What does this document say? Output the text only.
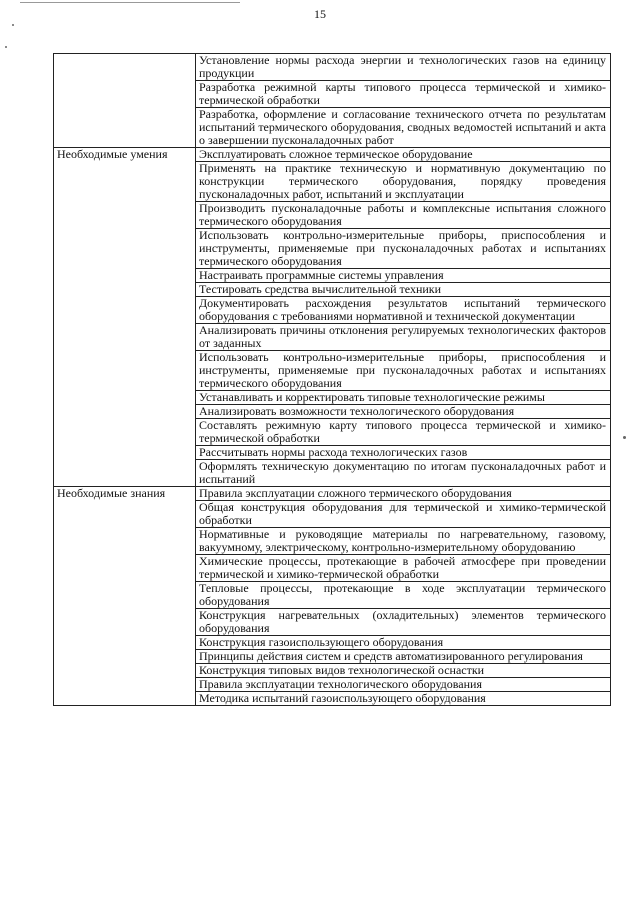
15
	Установление нормы расхода энергии и технологических газов на единицу продукции
	Разработка режимной карты типового процесса термической и химико-термической обработки
	Разработка, оформление и согласование технического отчета по результатам испытаний термического оборудования, сводных ведомостей испытаний и акта о завершении пусконаладочных работ
Необходимые умения	Эксплуатировать сложное термическое оборудование
	Применять на практике техническую и нормативную документацию по конструкции термического оборудования, порядку проведения пусконаладочных работ, испытаний и эксплуатации
	Производить пусконаладочные работы и комплексные испытания сложного термического оборудования
	Использовать контрольно-измерительные приборы, приспособления и инструменты, применяемые при пусконаладочных работах и испытаниях термического оборудования
	Настраивать программные системы управления
	Тестировать средства вычислительной техники
	Документировать расхождения результатов испытаний термического оборудования с требованиями нормативной и технической документации
	Анализировать причины отклонения регулируемых технологических факторов от заданных
	Использовать контрольно-измерительные приборы, приспособления и инструменты, применяемые при пусконаладочных работах и испытаниях термического оборудования
	Устанавливать и корректировать типовые технологические режимы
	Анализировать возможности технологического оборудования
	Составлять режимную карту типового процесса термической и химико-термической обработки
	Рассчитывать нормы расхода технологических газов
	Оформлять техническую документацию по итогам пусконаладочных работ и испытаний
Необходимые знания	Правила эксплуатации сложного термического оборудования
	Общая конструкция оборудования для термической и химико-термической обработки
	Нормативные и руководящие материалы по нагревательному, газовому, вакуумному, электрическому, контрольно-измерительному оборудованию
	Химические процессы, протекающие в рабочей атмосфере при проведении термической и химико-термической обработки
	Тепловые процессы, протекающие в ходе эксплуатации термического оборудования
	Конструкция нагревательных (охладительных) элементов термического оборудования
	Конструкция газоиспользующего оборудования
	Принципы действия систем и средств автоматизированного регулирования
	Конструкция типовых видов технологической оснастки
	Правила эксплуатации технологического оборудования
	Методика испытаний газоиспользующего оборудования
